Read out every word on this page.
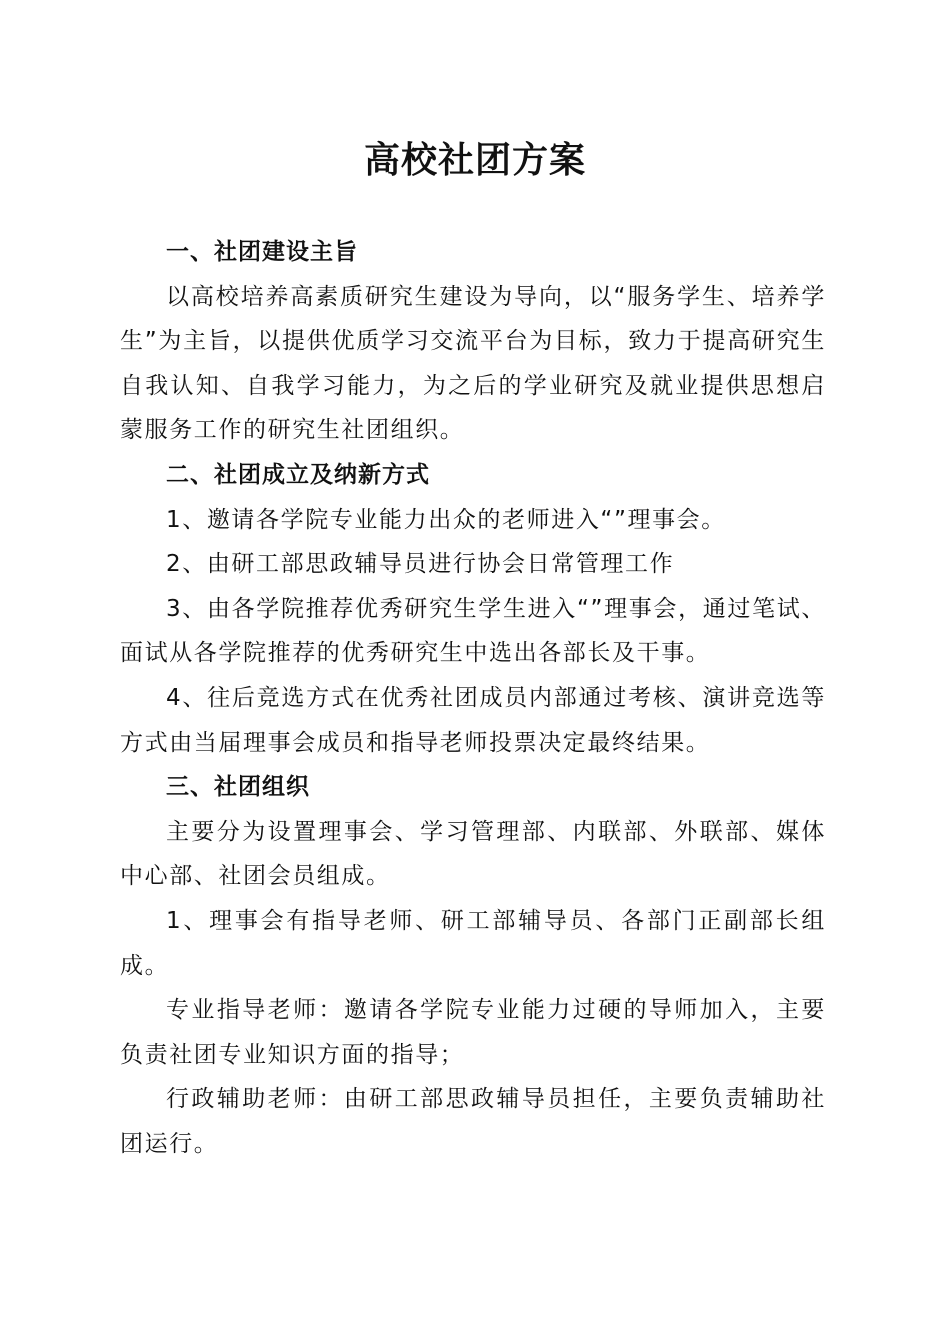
高校社团方案

一、社团建设主旨

以高校培养高素质研究生建设为导向，以“服务学生、培养学生”为主旨，以提供优质学习交流平台为目标，致力于提高研究生自我认知、自我学习能力，为之后的学业研究及就业提供思想启蒙服务工作的研究生社团组织。

二、社团成立及纳新方式

1、邀请各学院专业能力出众的老师进入“”理事会。

2、由研工部思政辅导员进行协会日常管理工作

3、由各学院推荐优秀研究生学生进入“”理事会，通过笔试、面试从各学院推荐的优秀研究生中选出各部长及干事。

4、往后竞选方式在优秀社团成员内部通过考核、演讲竞选等方式由当届理事会成员和指导老师投票决定最终结果。

三、社团组织

主要分为设置理事会、学习管理部、内联部、外联部、媒体中心部、社团会员组成。

1、理事会有指导老师、研工部辅导员、各部门正副部长组成。

专业指导老师：邀请各学院专业能力过硬的导师加入，主要负责社团专业知识方面的指导；

行政辅助老师：由研工部思政辅导员担任，主要负责辅助社团运行。
